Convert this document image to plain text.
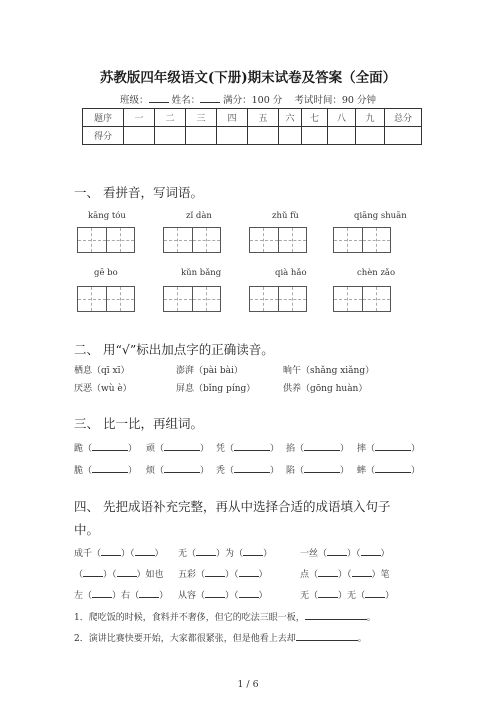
苏教版四年级语文(下册)期末试卷及答案（全面）
班级： 姓名： 满分：100 分 考试时间：90 分钟
题序	一	二	三	四	五	六	七	八	九	总分
得分										
一、 看拼音，写词语。
kāng tóu	zǐ dàn	zhǔ fù	qiāng shuān
gē bo	kǔn bǎng	qià hǎo	chèn zǎo
二、 用“√”标出加点字的正确读音。
栖息（qī xī）	澎湃（pài bài）	晌午（shǎng xiǎng）
厌恶（wù è）	屏息（bǐng píng）	供养（gōng huàn）
三、 比一比，再组词。
跪（	） 顽（	） 凭（	） 掐（	） 摔（	）
脆（	） 烦（	） 秃（	） 陷（	） 蟀（	）
四、 先把成语补充完整，再从中选择合适的成语填入句子
中。
成千（ ）（ ） 无（ ）为（ ）	一丝（ ）（ ）
（ ）（ ）如也 五彩（ ）（ ）	点（ ）（ ）笔
左（ ）右（ ） 从容（ ）（ ）	无（ ）无（ ）
1．爬吃饭的时候，食料并不奢侈，但它的吃法三眼一板，	。
2．演讲比赛快要开始，大家都很紧张，但是他看上去却	。
1 / 6
